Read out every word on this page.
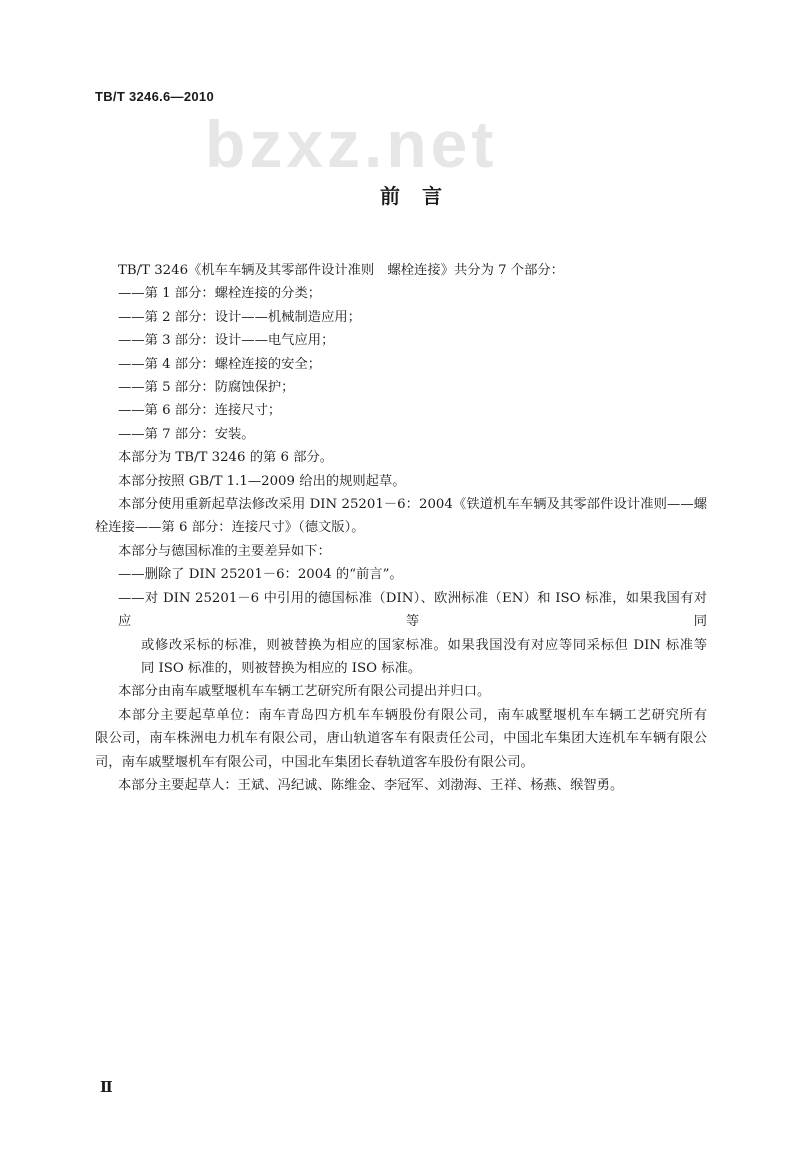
TB/T 3246.6—2010
bzxz.net
前言
TB/T 3246《机车车辆及其零部件设计准则　螺栓连接》共分为 7 个部分：
——第 1 部分：螺栓连接的分类；
——第 2 部分：设计——机械制造应用；
——第 3 部分：设计——电气应用；
——第 4 部分：螺栓连接的安全；
——第 5 部分：防腐蚀保护；
——第 6 部分：连接尺寸；
——第 7 部分：安装。
本部分为 TB/T 3246 的第 6 部分。
本部分按照 GB/T 1.1—2009 给出的规则起草。
本部分使用重新起草法修改采用 DIN 25201－6：2004《铁道机车车辆及其零部件设计准则——螺
栓连接——第 6 部分：连接尺寸》（德文版）。
本部分与德国标准的主要差异如下：
——删除了 DIN 25201－6：2004 的“前言”。
——对 DIN 25201－6 中引用的德国标准（DIN）、欧洲标准（EN）和 ISO 标准，如果我国有对应等同
或修改采标的标准，则被替换为相应的国家标准。如果我国没有对应等同采标但 DIN 标准等
同 ISO 标准的，则被替换为相应的 ISO 标准。
本部分由南车戚墅堰机车车辆工艺研究所有限公司提出并归口。
本部分主要起草单位：南车青岛四方机车车辆股份有限公司，南车戚墅堰机车车辆工艺研究所有
限公司，南车株洲电力机车有限公司，唐山轨道客车有限责任公司，中国北车集团大连机车车辆有限公
司，南车戚墅堰机车有限公司，中国北车集团长春轨道客车股份有限公司。
本部分主要起草人：王斌、冯纪诚、陈维金、李冠军、刘渤海、王祥、杨燕、缑智勇。
Ⅱ
